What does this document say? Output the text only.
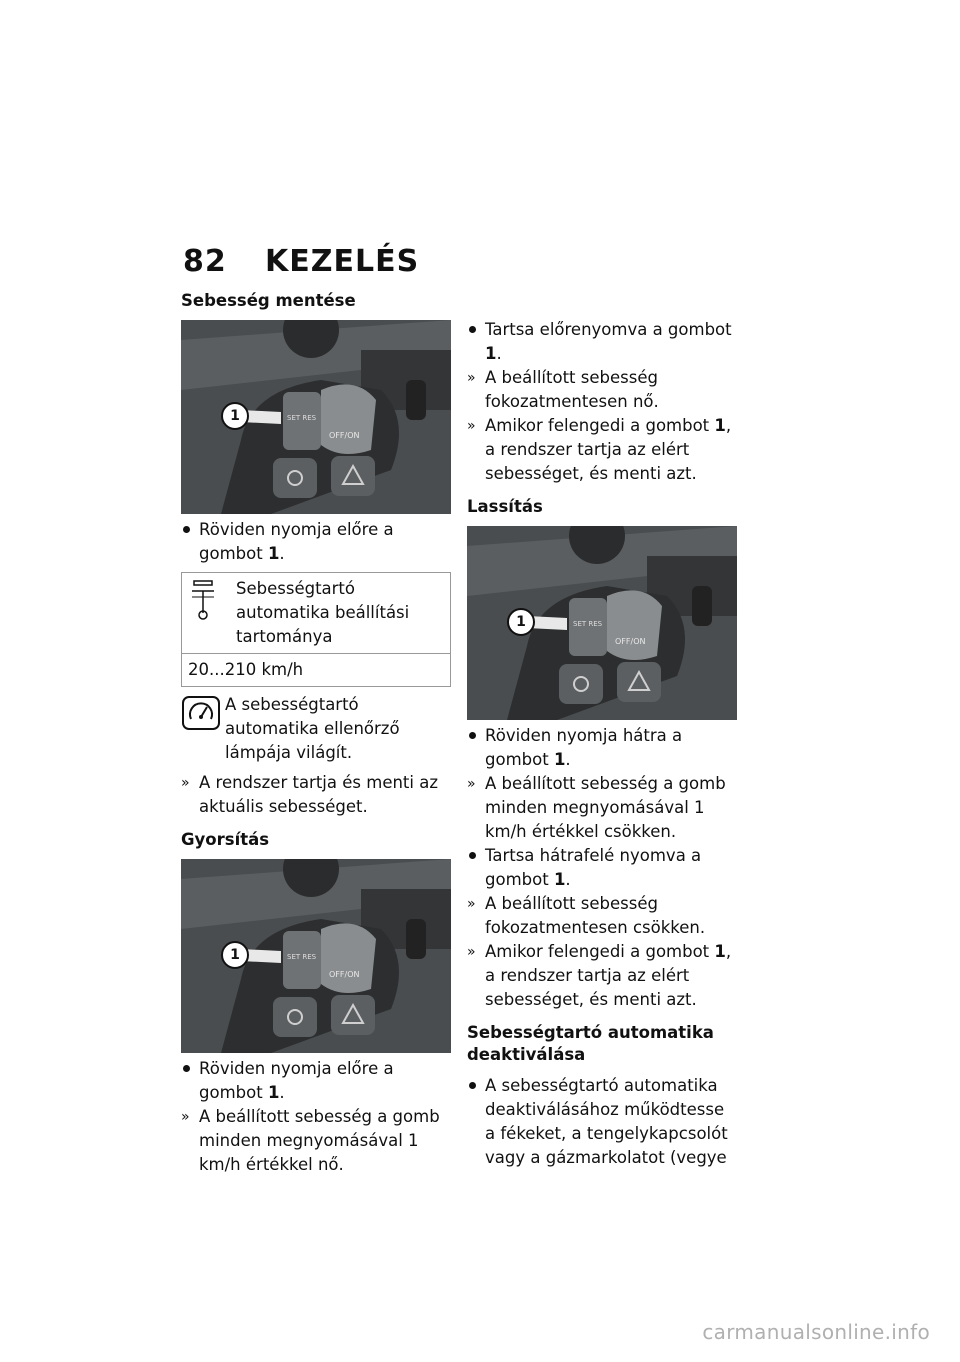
82 KEZELÉS
Sebesség mentése
SET RES
OFF/ON
1

Röviden nyomja előre a gombot 1.

	Sebességtartó automatika beállítási tartománya
20...210 km/h
A sebességtartó automatika ellenőrző lámpája világít.

» A rendszer tartja és menti az aktuális sebességet.

Gyorsítás
SET RES
OFF/ON
1

Röviden nyomja előre a gombot 1.

» A beállított sebesség a gomb minden megnyomásával 1 km/h értékkel nő.

Tartsa előrenyomva a gombot 1.

» A beállított sebesség fokozatmentesen nő.

» Amikor felengedi a gombot 1, a rendszer tartja az elért sebességet, és menti azt.

Lassítás
SET RES
OFF/ON
1

Röviden nyomja hátra a gombot 1.

» A beállított sebesség a gomb minden megnyomásával 1 km/h értékkel csökken.

Tartsa hátrafelé nyomva a gombot 1.

» A beállított sebesség fokozatmentesen csökken.

» Amikor felengedi a gombot 1, a rendszer tartja az elért sebességet, és menti azt.

Sebességtartó automatika deaktiválása

A sebességtartó automatika deaktiválásához működtesse a fékeket, a tengelykapcsolót vagy a gázmarkolatot (vegye

carmanualsonline.info
